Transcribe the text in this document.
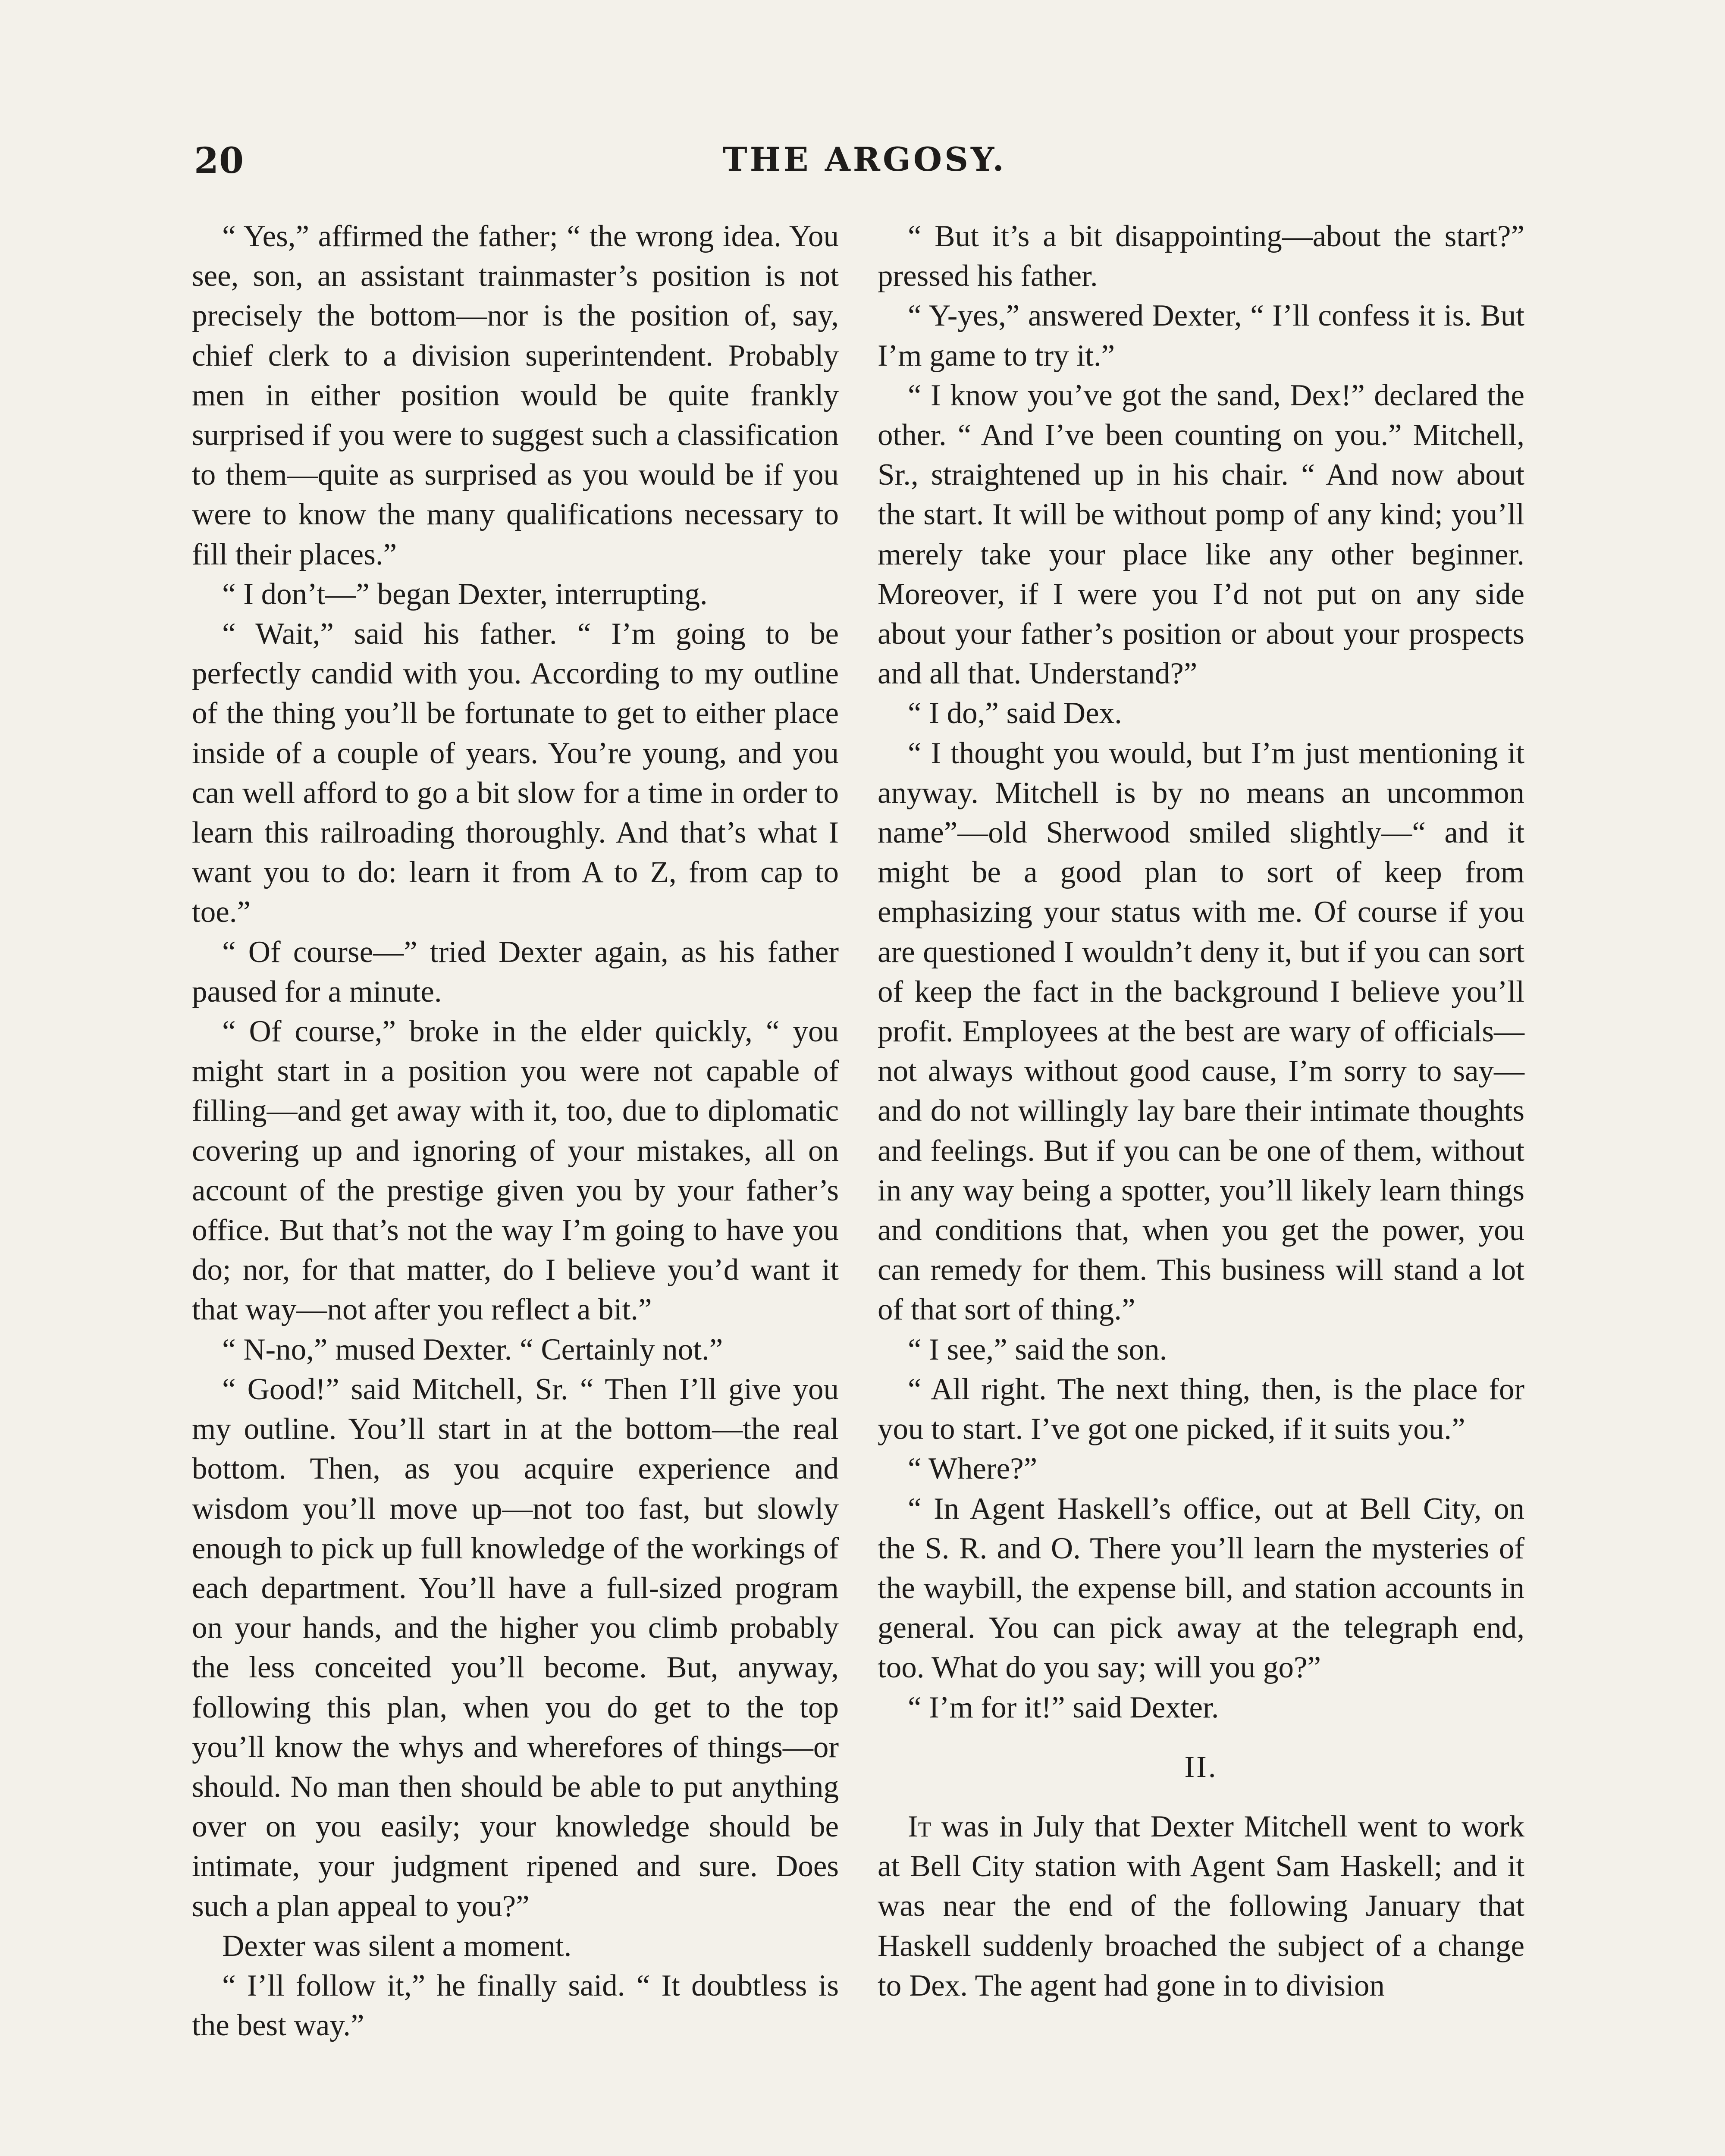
20	THE ARGOSY.

“ Yes,” affirmed the father; “ the wrong idea. You see, son, an assistant trainmaster’s position is not precisely the bottom—nor is the position of, say, chief clerk to a division superintendent. Probably men in either position would be quite frankly surprised if you were to suggest such a classification to them—quite as surprised as you would be if you were to know the many qualifications necessary to fill their places.”

“ I don’t—” began Dexter, interrupting.

“ Wait,” said his father. “ I’m going to be perfectly candid with you. According to my outline of the thing you’ll be fortunate to get to either place inside of a couple of years. You’re young, and you can well afford to go a bit slow for a time in order to learn this railroading thoroughly. And that’s what I want you to do: learn it from A to Z, from cap to toe.”

“ Of course—” tried Dexter again, as his father paused for a minute.

“ Of course,” broke in the elder quickly, “ you might start in a position you were not capable of filling—and get away with it, too, due to diplomatic covering up and ignoring of your mistakes, all on account of the prestige given you by your father’s office. But that’s not the way I’m going to have you do; nor, for that matter, do I believe you’d want it that way—not after you reflect a bit.”

“ N-no,” mused Dexter. “ Certainly not.”

“ Good!” said Mitchell, Sr. “ Then I’ll give you my outline. You’ll start in at the bottom—the real bottom. Then, as you acquire experience and wisdom you’ll move up—not too fast, but slowly enough to pick up full knowledge of the workings of each department. You’ll have a full-sized program on your hands, and the higher you climb probably the less conceited you’ll become. But, anyway, following this plan, when you do get to the top you’ll know the whys and wherefores of things—or should. No man then should be able to put anything over on you easily; your knowledge should be intimate, your judgment ripened and sure. Does such a plan appeal to you?”

Dexter was silent a moment.

“ I’ll follow it,” he finally said. “ It doubtless is the best way.”

“ But it’s a bit disappointing—about the start?” pressed his father.

“ Y-yes,” answered Dexter, “ I’ll confess it is. But I’m game to try it.”

“ I know you’ve got the sand, Dex!” declared the other. “ And I’ve been counting on you.” Mitchell, Sr., straightened up in his chair. “ And now about the start. It will be without pomp of any kind; you’ll merely take your place like any other beginner. Moreover, if I were you I’d not put on any side about your father’s position or about your prospects and all that. Understand?”

“ I do,” said Dex.

“ I thought you would, but I’m just mentioning it anyway. Mitchell is by no means an uncommon name”—old Sherwood smiled slightly—“ and it might be a good plan to sort of keep from emphasizing your status with me. Of course if you are questioned I wouldn’t deny it, but if you can sort of keep the fact in the background I believe you’ll profit. Employees at the best are wary of officials—not always without good cause, I’m sorry to say—and do not willingly lay bare their intimate thoughts and feelings. But if you can be one of them, without in any way being a spotter, you’ll likely learn things and conditions that, when you get the power, you can remedy for them. This business will stand a lot of that sort of thing.”

“ I see,” said the son.

“ All right. The next thing, then, is the place for you to start. I’ve got one picked, if it suits you.”

“ Where?”

“ In Agent Haskell’s office, out at Bell City, on the S. R. and O. There you’ll learn the mysteries of the waybill, the expense bill, and station accounts in general. You can pick away at the telegraph end, too. What do you say; will you go?”

“ I’m for it!” said Dexter.

II.

It was in July that Dexter Mitchell went to work at Bell City station with Agent Sam Haskell; and it was near the end of the following January that Haskell suddenly broached the subject of a change to Dex. The agent had gone in to division
